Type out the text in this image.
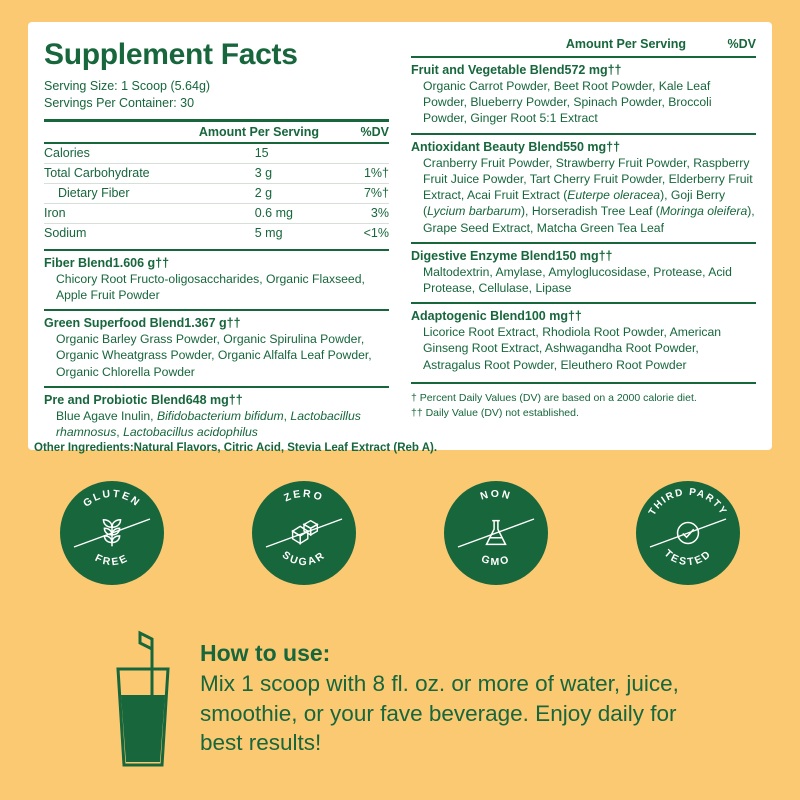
Supplement Facts
Serving Size: 1 Scoop (5.64g)
Servings Per Container: 30
Amount Per Serving	%DV
Calories	15	
Total Carbohydrate	3 g	1%†
Dietary Fiber	2 g	7%†
Iron	0.6 mg	3%
Sodium	5 mg	<1%
Fiber Blend 1.606 g††
Chicory Root Fructo-oligosaccharides, Organic Flaxseed, Apple Fruit Powder
Green Superfood Blend 1.367 g††
Organic Barley Grass Powder, Organic Spirulina Powder, Organic Wheatgrass Powder, Organic Alfalfa Leaf Powder, Organic Chlorella Powder
Pre and Probiotic Blend 648 mg††
Blue Agave Inulin, Bifidobacterium bifidum, Lactobacillus rhamnosus, Lactobacillus acidophilus
Amount Per Serving	%DV
Fruit and Vegetable Blend 572 mg††
Organic Carrot Powder, Beet Root Powder, Kale Leaf Powder, Blueberry Powder, Spinach Powder, Broccoli Powder, Ginger Root 5:1 Extract
Antioxidant Beauty Blend 550 mg††
Cranberry Fruit Powder, Strawberry Fruit Powder, Raspberry Fruit Juice Powder, Tart Cherry Fruit Powder, Elderberry Fruit Extract, Acai Fruit Extract (Euterpe oleracea), Goji Berry (Lycium barbarum), Horseradish Tree Leaf (Moringa oleifera), Grape Seed Extract, Matcha Green Tea Leaf
Digestive Enzyme Blend 150 mg††
Maltodextrin, Amylase, Amyloglucosidase, Protease, Acid Protease, Cellulase, Lipase
Adaptogenic Blend 100 mg††
Licorice Root Extract, Rhodiola Root Powder, American Ginseng Root Extract, Ashwagandha Root Powder, Astragalus Root Powder, Eleuthero Root Powder
† Percent Daily Values (DV) are based on a 2000 calorie diet.
†† Daily Value (DV) not established.
Other Ingredients:Natural Flavors, Citric Acid, Stevia Leaf Extract (Reb A).
GLUTEN
FREE
ZERO
SUGAR
NON
GMO
THIRD PARTY
TESTED
How to use:
Mix 1 scoop with 8 fl. oz. or more of water, juice, smoothie, or your fave beverage. Enjoy daily for best results!
